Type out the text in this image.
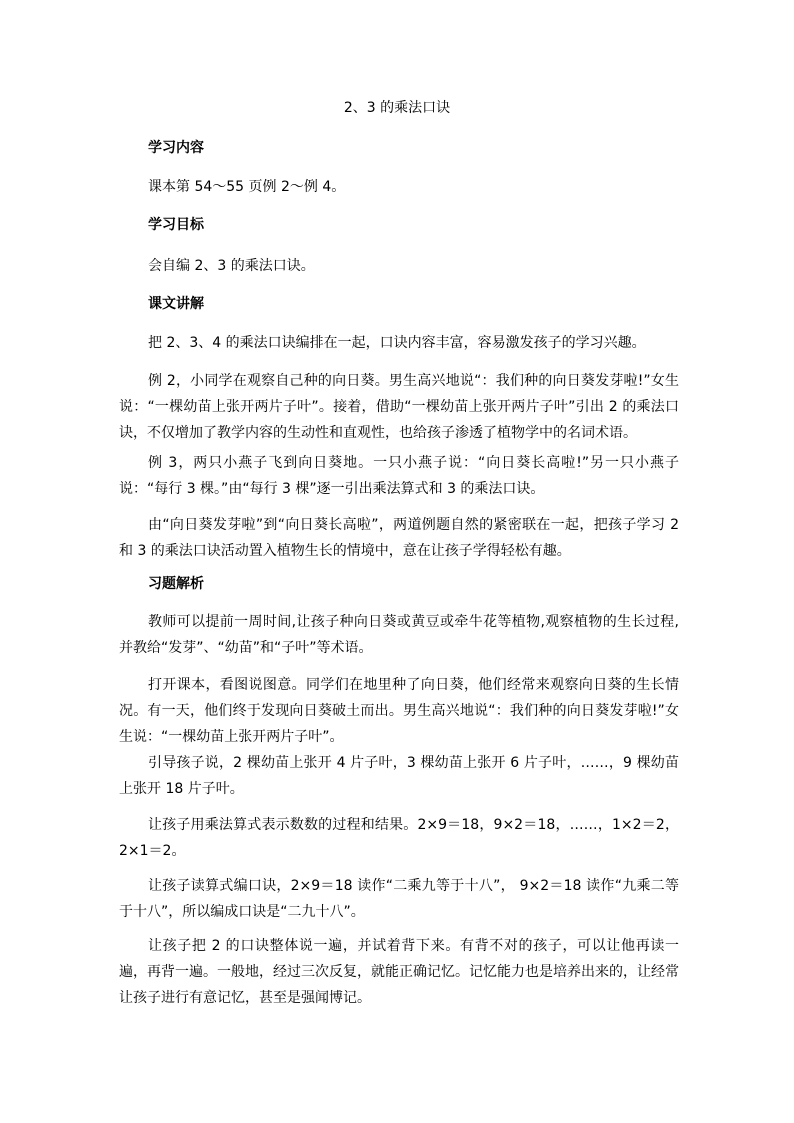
2、3 的乘法口诀
学习内容
课本第 54～55 页例 2～例 4。
学习目标
会自编 2、3 的乘法口诀。
课文讲解
把 2、3、4 的乘法口诀编排在一起，口诀内容丰富，容易激发孩子的学习兴趣。
例 2，小同学在观察自己种的向日葵。男生高兴地说“：我们种的向日葵发芽啦!”女生说：“一棵幼苗上张开两片子叶”。接着，借助“一棵幼苗上张开两片子叶”引出 2 的乘法口诀，不仅增加了教学内容的生动性和直观性，也给孩子渗透了植物学中的名词术语。
例 3，两只小燕子飞到向日葵地。一只小燕子说：“向日葵长高啦!”另一只小燕子说：“每行 3 棵。”由“每行 3 棵”逐一引出乘法算式和 3 的乘法口诀。
由“向日葵发芽啦”到“向日葵长高啦”，两道例题自然的紧密联在一起，把孩子学习 2 和 3 的乘法口诀活动置入植物生长的情境中，意在让孩子学得轻松有趣。
习题解析
教师可以提前一周时间,让孩子种向日葵或黄豆或牵牛花等植物,观察植物的生长过程,并教给“发芽”、“幼苗”和“子叶”等术语。
打开课本，看图说图意。同学们在地里种了向日葵，他们经常来观察向日葵的生长情况。有一天，他们终于发现向日葵破土而出。男生高兴地说“：我们种的向日葵发芽啦!”女生说：“一棵幼苗上张开两片子叶”。
引导孩子说，2 棵幼苗上张开 4 片子叶，3 棵幼苗上张开 6 片子叶，……，9 棵幼苗上张开 18 片子叶。
让孩子用乘法算式表示数数的过程和结果。2×9＝18，9×2＝18，……，1×2＝2，2×1＝2。
让孩子读算式编口诀，2×9＝18 读作“二乘九等于十八”， 9×2＝18 读作“九乘二等于十八”，所以编成口诀是“二九十八”。
让孩子把 2 的口诀整体说一遍，并试着背下来。有背不对的孩子，可以让他再读一遍，再背一遍。一般地，经过三次反复，就能正确记忆。记忆能力也是培养出来的，让经常让孩子进行有意记忆，甚至是强闻博记。
